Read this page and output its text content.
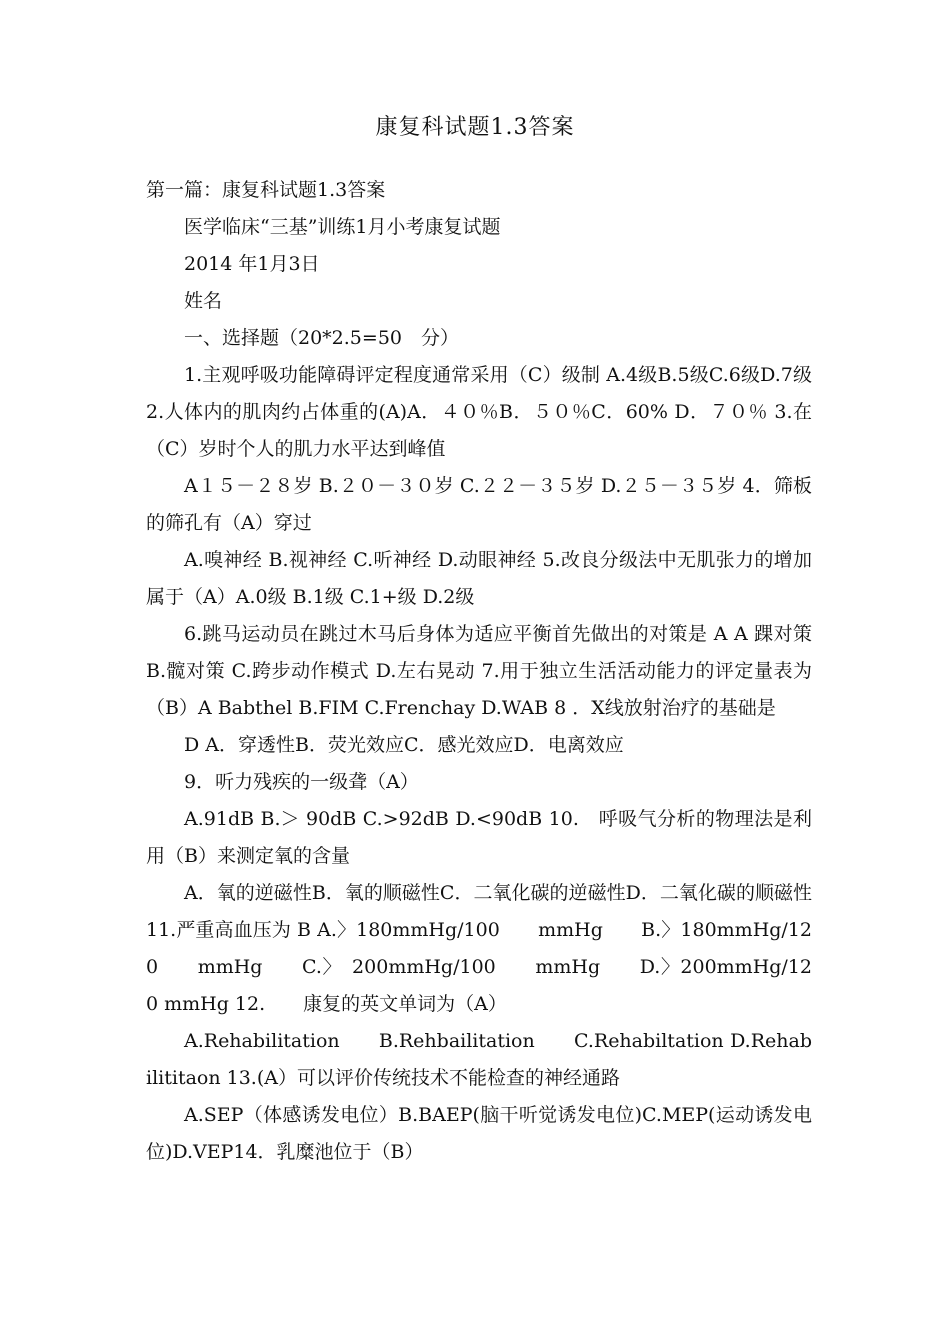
康复科试题1.3答案

第一篇：康复科试题1.3答案

医学临床“三基”训练1月小考康复试题

2014 年1月3日

姓名

一、选择题（20*2.5=50　分）

1.主观呼吸功能障碍评定程度通常采用（C）级制 A.4级B.5级C.6级D.7级 2.人体内的肌肉约占体重的(A)A．４０％B．５０％C．60% D．７０％ 3.在（C）岁时个人的肌力水平达到峰值

A１５－２８岁 B.２０－３０岁 C.２２－３５岁 D.２５－３５岁 4．筛板的筛孔有（A）穿过

A.嗅神经 B.视神经 C.听神经 D.动眼神经 5.改良分级法中无肌张力的增加属于（A）A.0级 B.1级 C.1+级 D.2级

6.跳马运动员在跳过木马后身体为适应平衡首先做出的对策是 A A 踝对策 B.髋对策 C.跨步动作模式 D.左右晃动 7.用于独立生活活动能力的评定量表为（B）A Babthel B.FIM C.Frenchay D.WAB 8 ．X线放射治疗的基础是

D A．穿透性B．荧光效应C．感光效应D．电离效应

9．听力残疾的一级聋（A）

A.91dB B.＞ 90dB C.>92dB D.<90dB 10.　呼吸气分析的物理法是利用（B）来测定氧的含量

A．氧的逆磁性B．氧的顺磁性C．二氧化碳的逆磁性D．二氧化碳的顺磁性 11.严重高血压为 B A.〉180mmHg/100　　mmHg　　B.〉180mmHg/120　　mmHg　　C.〉　200mmHg/100　　mmHg　　D.〉200mmHg/120 mmHg 12.　　康复的英文单词为（A）

A.Rehabilitation　　B.Rehbailitation　　C.Rehabiltation D.Rehabilititaon 13.(A）可以评价传统技术不能检查的神经通路

A.SEP（体感诱发电位）B.BAEP(脑干听觉诱发电位)C.MEP(运动诱发电位)D.VEP14．乳糜池位于（B）
